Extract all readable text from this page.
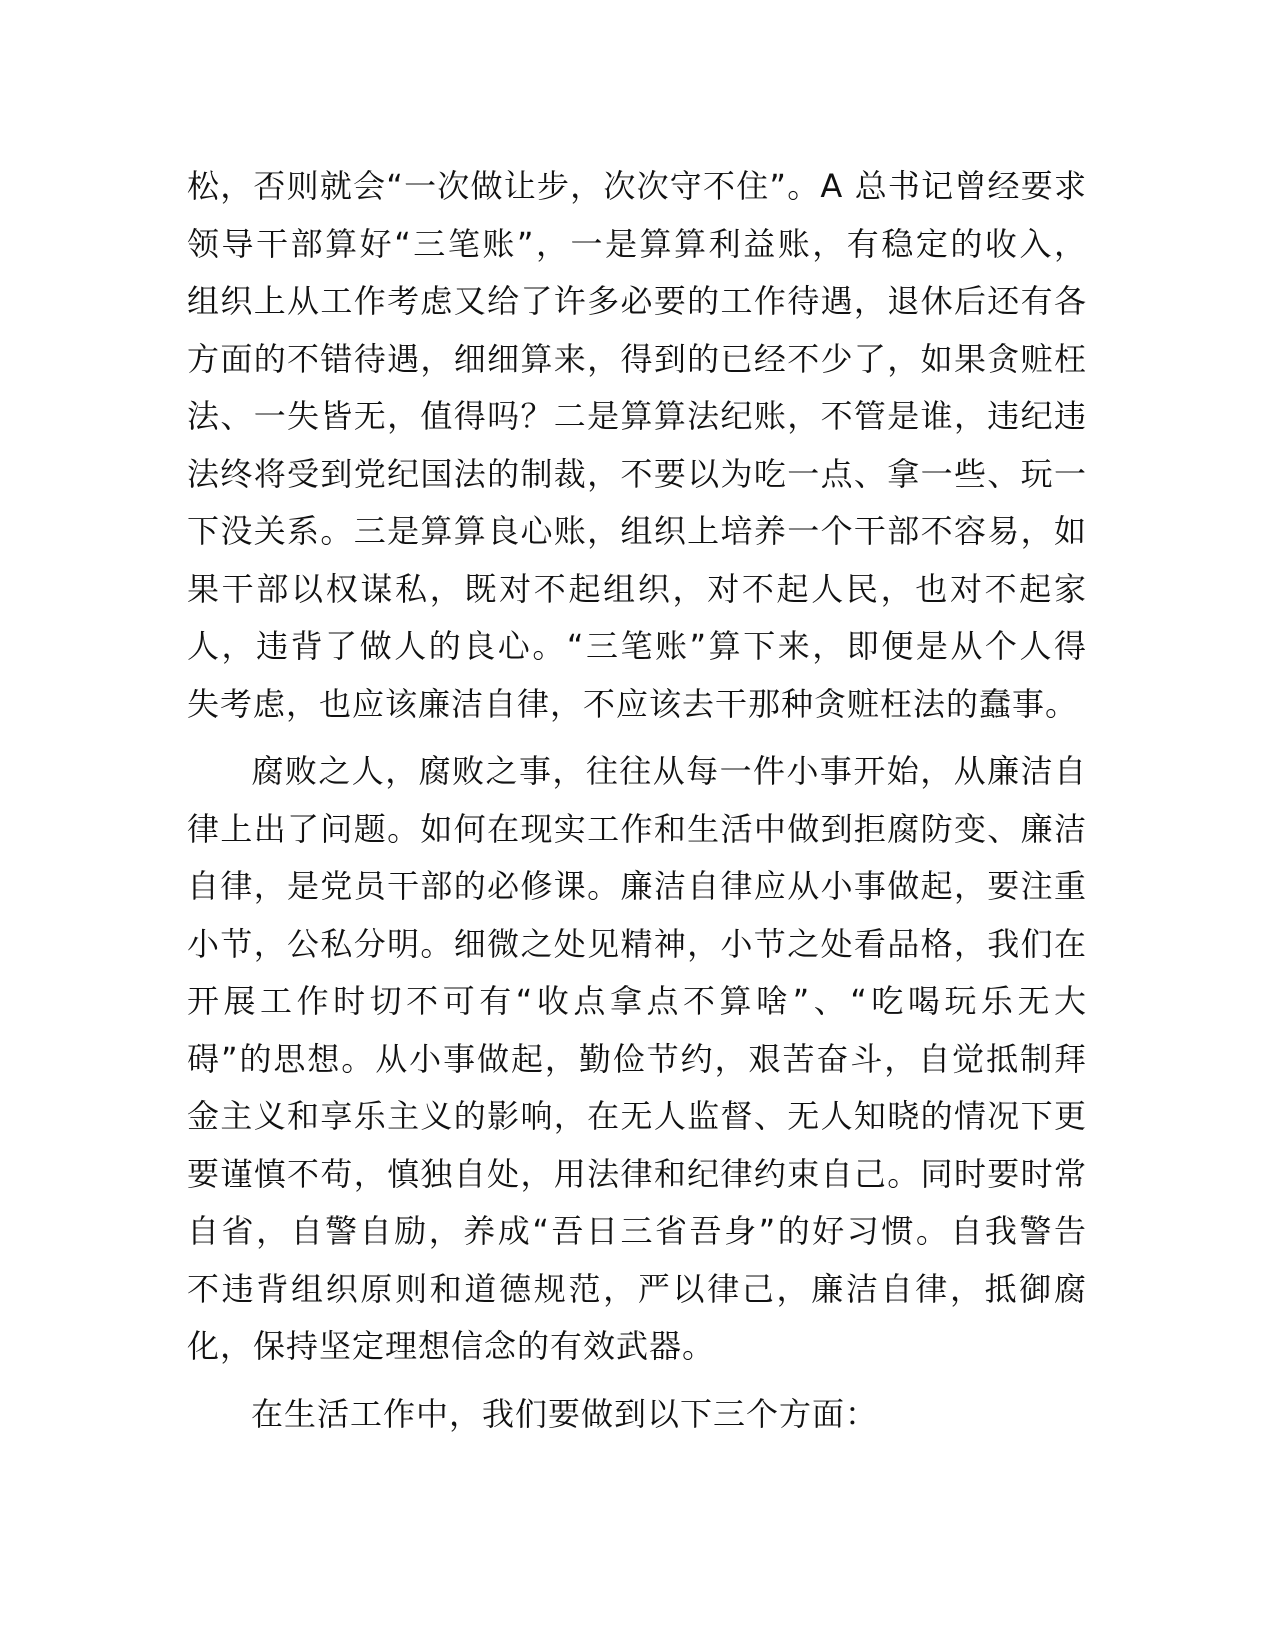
松，否则就会“一次做让步，次次守不住”。A 总书记曾经要求
领导干部算好“三笔账”，一是算算利益账，有稳定的收入，
组织上从工作考虑又给了许多必要的工作待遇，退休后还有各
方面的不错待遇，细细算来，得到的已经不少了，如果贪赃枉
法、一失皆无，值得吗？二是算算法纪账，不管是谁，违纪违
法终将受到党纪国法的制裁，不要以为吃一点、拿一些、玩一
下没关系。三是算算良心账，组织上培养一个干部不容易，如
果干部以权谋私，既对不起组织，对不起人民，也对不起家
人，违背了做人的良心。“三笔账”算下来，即便是从个人得
失考虑，也应该廉洁自律，不应该去干那种贪赃枉法的蠢事。

腐败之人，腐败之事，往往从每一件小事开始，从廉洁自
律上出了问题。如何在现实工作和生活中做到拒腐防变、廉洁
自律，是党员干部的必修课。廉洁自律应从小事做起，要注重
小节，公私分明。细微之处见精神，小节之处看品格，我们在
开展工作时切不可有“收点拿点不算啥”、“吃喝玩乐无大
碍”的思想。从小事做起，勤俭节约，艰苦奋斗，自觉抵制拜
金主义和享乐主义的影响，在无人监督、无人知晓的情况下更
要谨慎不苟，慎独自处，用法律和纪律约束自己。同时要时常
自省，自警自励，养成“吾日三省吾身”的好习惯。自我警告
不违背组织原则和道德规范，严以律己，廉洁自律，抵御腐
化，保持坚定理想信念的有效武器。

在生活工作中，我们要做到以下三个方面：
